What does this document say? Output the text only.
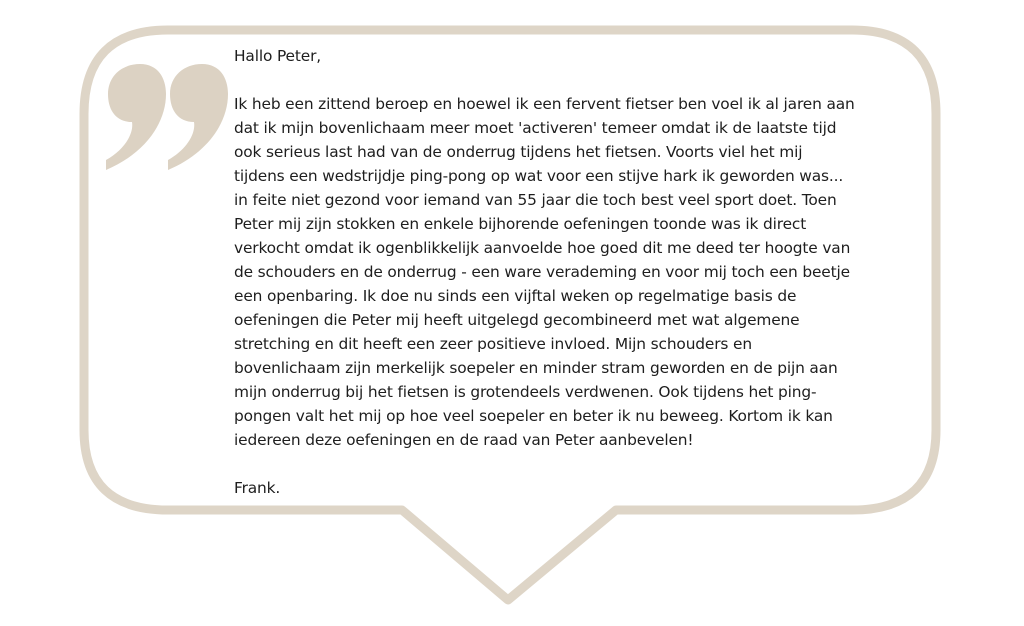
Hallo Peter,

Ik heb een zittend beroep en hoewel ik een fervent fietser ben voel ik al jaren aan

dat ik mijn bovenlichaam meer moet 'activeren' temeer omdat ik de laatste tijd

ook serieus last had van de onderrug tijdens het fietsen. Voorts viel het mij

tijdens een wedstrijdje ping-pong op wat voor een stijve hark ik geworden was...

in feite niet gezond voor iemand van 55 jaar die toch best veel sport doet. Toen

Peter mij zijn stokken en enkele bijhorende oefeningen toonde was ik direct

verkocht omdat ik ogenblikkelijk aanvoelde hoe goed dit me deed ter hoogte van

de schouders en de onderrug - een ware verademing en voor mij toch een beetje

een openbaring. Ik doe nu sinds een vijftal weken op regelmatige basis de

oefeningen die Peter mij heeft uitgelegd gecombineerd met wat algemene

stretching en dit heeft een zeer positieve invloed. Mijn schouders en

bovenlichaam zijn merkelijk soepeler en minder stram geworden en de pijn aan

mijn onderrug bij het fietsen is grotendeels verdwenen. Ook tijdens het ping-

pongen valt het mij op hoe veel soepeler en beter ik nu beweeg. Kortom ik kan

iedereen deze oefeningen en de raad van Peter aanbevelen!

Frank.
